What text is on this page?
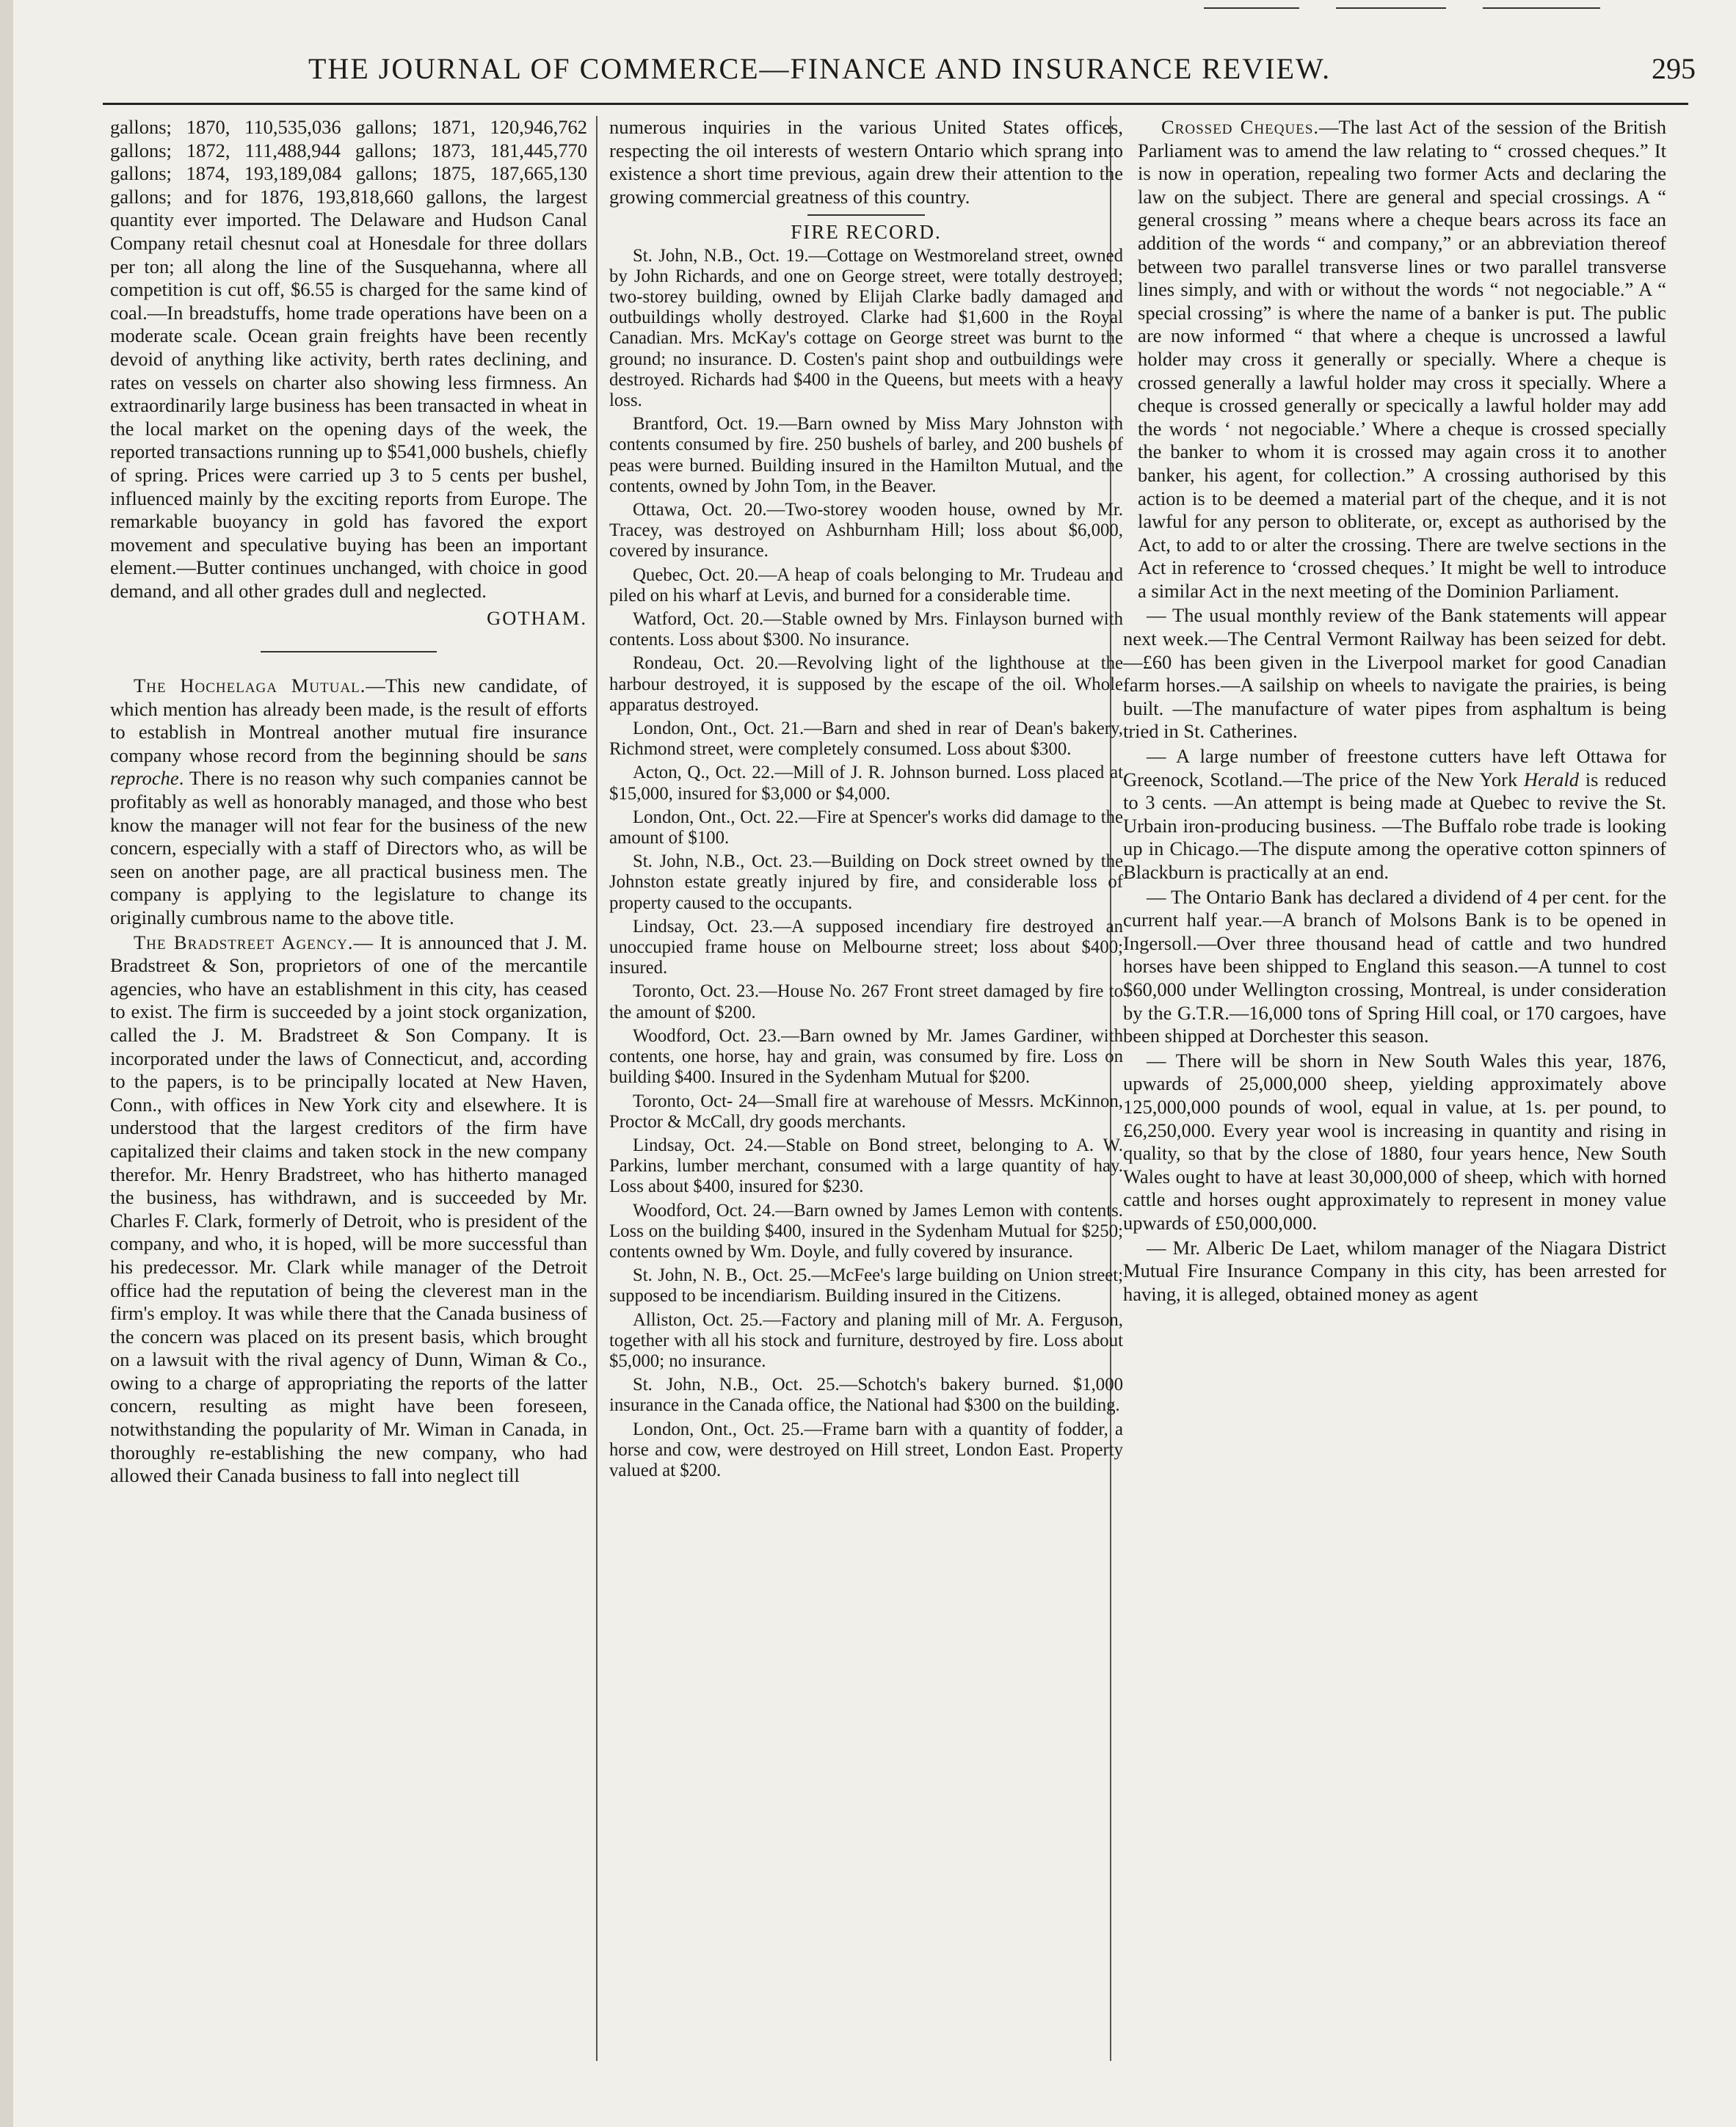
THE JOURNAL OF COMMERCE—FINANCE AND INSURANCE REVIEW.	295

gallons; 1870, 110,535,036 gallons; 1871, 120,946,762 gallons; 1872, 111,488,944 gallons; 1873, 181,445,770 gallons; 1874, 193,189,084 gallons; 1875, 187,665,130 gallons; and for 1876, 193,818,660 gallons, the largest quantity ever imported. The Delaware and Hudson Canal Company retail chesnut coal at Honesdale for three dollars per ton; all along the line of the Susquehanna, where all competition is cut off, $6.55 is charged for the same kind of coal.—In breadstuffs, home trade operations have been on a moderate scale. Ocean grain freights have been recently devoid of anything like activity, berth rates declining, and rates on vessels on charter also showing less firmness. An extraordinarily large business has been transacted in wheat in the local market on the opening days of the week, the reported transactions running up to $541,000 bushels, chiefly of spring. Prices were carried up 3 to 5 cents per bushel, influenced mainly by the exciting reports from Europe. The remarkable buoyancy in gold has favored the export movement and speculative buying has been an important element.—Butter continues unchanged, with choice in good demand, and all other grades dull and neglected.

GOTHAM.

The Hochelaga Mutual.—This new candidate, of which mention has already been made, is the result of efforts to establish in Montreal another mutual fire insurance company whose record from the beginning should be sans reproche. There is no reason why such companies cannot be profitably as well as honorably managed, and those who best know the manager will not fear for the business of the new concern, especially with a staff of Directors who, as will be seen on another page, are all practical business men. The company is applying to the legislature to change its originally cumbrous name to the above title.

The Bradstreet Agency.— It is announced that J. M. Bradstreet & Son, proprietors of one of the mercantile agencies, who have an establishment in this city, has ceased to exist. The firm is succeeded by a joint stock organization, called the J. M. Bradstreet & Son Company. It is incorporated under the laws of Connecticut, and, according to the papers, is to be principally located at New Haven, Conn., with offices in New York city and elsewhere. It is understood that the largest creditors of the firm have capitalized their claims and taken stock in the new company therefor. Mr. Henry Bradstreet, who has hitherto managed the business, has withdrawn, and is succeeded by Mr. Charles F. Clark, formerly of Detroit, who is president of the company, and who, it is hoped, will be more successful than his predecessor. Mr. Clark while manager of the Detroit office had the reputation of being the cleverest man in the firm's employ. It was while there that the Canada business of the concern was placed on its present basis, which brought on a lawsuit with the rival agency of Dunn, Wiman & Co., owing to a charge of appropriating the reports of the latter concern, resulting as might have been foreseen, notwithstanding the popularity of Mr. Wiman in Canada, in thoroughly re-establishing the new company, who had allowed their Canada business to fall into neglect till

numerous inquiries in the various United States offices, respecting the oil interests of western Ontario which sprang into existence a short time previous, again drew their attention to the growing commercial greatness of this country.

FIRE RECORD.

St. John, N.B., Oct. 19.—Cottage on Westmoreland street, owned by John Richards, and one on George street, were totally destroyed; two-storey building, owned by Elijah Clarke badly damaged and outbuildings wholly destroyed. Clarke had $1,600 in the Royal Canadian. Mrs. McKay's cottage on George street was burnt to the ground; no insurance. D. Costen's paint shop and outbuildings were destroyed. Richards had $400 in the Queens, but meets with a heavy loss.

Brantford, Oct. 19.—Barn owned by Miss Mary Johnston with contents consumed by fire. 250 bushels of barley, and 200 bushels of peas were burned. Building insured in the Hamilton Mutual, and the contents, owned by John Tom, in the Beaver.

Ottawa, Oct. 20.—Two-storey wooden house, owned by Mr. Tracey, was destroyed on Ashburnham Hill; loss about $6,000, covered by insurance.

Quebec, Oct. 20.—A heap of coals belonging to Mr. Trudeau and piled on his wharf at Levis, and burned for a considerable time.

Watford, Oct. 20.—Stable owned by Mrs. Finlayson burned with contents. Loss about $300. No insurance.

Rondeau, Oct. 20.—Revolving light of the lighthouse at the harbour destroyed, it is supposed by the escape of the oil. Whole apparatus destroyed.

London, Ont., Oct. 21.—Barn and shed in rear of Dean's bakery, Richmond street, were completely consumed. Loss about $300.

Acton, Q., Oct. 22.—Mill of J. R. Johnson burned. Loss placed at $15,000, insured for $3,000 or $4,000.

London, Ont., Oct. 22.—Fire at Spencer's works did damage to the amount of $100.

St. John, N.B., Oct. 23.—Building on Dock street owned by the Johnston estate greatly injured by fire, and considerable loss of property caused to the occupants.

Lindsay, Oct. 23.—A supposed incendiary fire destroyed an unoccupied frame house on Melbourne street; loss about $400; insured.

Toronto, Oct. 23.—House No. 267 Front street damaged by fire to the amount of $200.

Woodford, Oct. 23.—Barn owned by Mr. James Gardiner, with contents, one horse, hay and grain, was consumed by fire. Loss on building $400. Insured in the Sydenham Mutual for $200.

Toronto, Oct- 24—Small fire at warehouse of Messrs. McKinnon, Proctor & McCall, dry goods merchants.

Lindsay, Oct. 24.—Stable on Bond street, belonging to A. W. Parkins, lumber merchant, consumed with a large quantity of hay. Loss about $400, insured for $230.

Woodford, Oct. 24.—Barn owned by James Lemon with contents. Loss on the building $400, insured in the Sydenham Mutual for $250; contents owned by Wm. Doyle, and fully covered by insurance.

St. John, N. B., Oct. 25.—McFee's large building on Union street; supposed to be incendiarism. Building insured in the Citizens.

Alliston, Oct. 25.—Factory and planing mill of Mr. A. Ferguson, together with all his stock and furniture, destroyed by fire. Loss about $5,000; no insurance.

St. John, N.B., Oct. 25.—Schotch's bakery burned. $1,000 insurance in the Canada office, the National had $300 on the building.

London, Ont., Oct. 25.—Frame barn with a quantity of fodder, a horse and cow, were destroyed on Hill street, London East. Property valued at $200.

Crossed Cheques.—The last Act of the session of the British Parliament was to amend the law relating to “ crossed cheques.” It is now in operation, repealing two former Acts and declaring the law on the subject. There are general and special crossings. A “ general crossing ” means where a cheque bears across its face an addition of the words “ and company,” or an abbreviation thereof between two parallel transverse lines or two parallel transverse lines simply, and with or without the words “ not negociable.” A “ special crossing” is where the name of a banker is put. The public are now informed “ that where a cheque is uncrossed a lawful holder may cross it generally or specially. Where a cheque is crossed generally a lawful holder may cross it specially. Where a cheque is crossed generally or specically a lawful holder may add the words ‘ not negociable.’ Where a cheque is crossed specially the banker to whom it is crossed may again cross it to another banker, his agent, for collection.” A crossing authorised by this action is to be deemed a material part of the cheque, and it is not lawful for any person to obliterate, or, except as authorised by the Act, to add to or alter the crossing. There are twelve sections in the Act in reference to ‘crossed cheques.’ It might be well to introduce a similar Act in the next meeting of the Dominion Parliament.

— The usual monthly review of the Bank statements will appear next week.—The Central Vermont Railway has been seized for debt.—£60 has been given in the Liverpool market for good Canadian farm horses.—A sailship on wheels to navigate the prairies, is being built. —The manufacture of water pipes from asphaltum is being tried in St. Catherines.

— A large number of freestone cutters have left Ottawa for Greenock, Scotland.—The price of the New York Herald is reduced to 3 cents. —An attempt is being made at Quebec to revive the St. Urbain iron-producing business. —The Buffalo robe trade is looking up in Chicago.—The dispute among the operative cotton spinners of Blackburn is practically at an end.

— The Ontario Bank has declared a dividend of 4 per cent. for the current half year.—A branch of Molsons Bank is to be opened in Ingersoll.—Over three thousand head of cattle and two hundred horses have been shipped to England this season.—A tunnel to cost $60,000 under Wellington crossing, Montreal, is under consideration by the G.T.R.—16,000 tons of Spring Hill coal, or 170 cargoes, have been shipped at Dorchester this season.

— There will be shorn in New South Wales this year, 1876, upwards of 25,000,000 sheep, yielding approximately above 125,000,000 pounds of wool, equal in value, at 1s. per pound, to £6,250,000. Every year wool is increasing in quantity and rising in quality, so that by the close of 1880, four years hence, New South Wales ought to have at least 30,000,000 of sheep, which with horned cattle and horses ought approximately to represent in money value upwards of £50,000,000.

— Mr. Alberic De Laet, whilom manager of the Niagara District Mutual Fire Insurance Company in this city, has been arrested for having, it is alleged, obtained money as agent
